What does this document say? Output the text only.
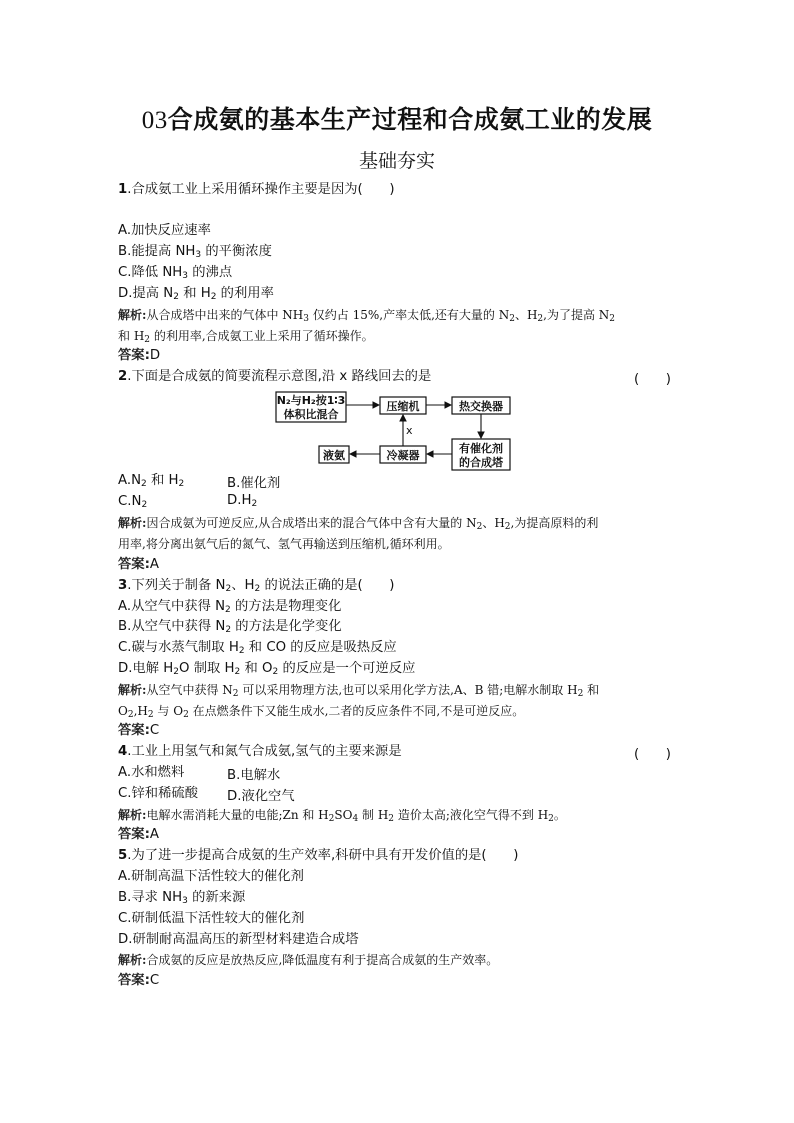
03合成氨的基本生产过程和合成氨工业的发展
基础夯实
1.合成氨工业上采用循环操作主要是因为(　　)
A.加快反应速率
B.能提高 $NH_3$ 的平衡浓度
C.降低 $NH_3$ 的沸点
D.提高 $N_2$ 和 $H_2$ 的利用率
解析:从合成塔中出来的气体中 $NH_3$ 仅约占 15%,产率太低,还有大量的 $N_2$、$H_2$,为了提高 $N_2$
和 $H_2$ 的利用率,合成氨工业上采用了循环操作。
答案:D
2.下面是合成氨的简要流程示意图,沿 x 路线回去的是	(　　)
N₂与H₂按1∶3
体积比混合
压缩机	热交换器
有催化剂
的合成塔
冷凝器
液氨
x
$A.N_2$ 和 $H_2$	B.催化剂
$C.N_2$	$D.H_2$
解析:因合成氨为可逆反应,从合成塔出来的混合气体中含有大量的 $N_2$、$H_2$,为提高原料的利
用率,将分离出氨气后的氮气、氢气再输送到压缩机,循环利用。
答案:A
3.下列关于制备 $N_2$、$H_2$ 的说法正确的是(　　)
A.从空气中获得 $N_2$ 的方法是物理变化
B.从空气中获得 $N_2$ 的方法是化学变化
C.碳与水蒸气制取 $H_2$ 和 CO 的反应是吸热反应
D.电解 $H_2O$ 制取 $H_2$ 和 $O_2$ 的反应是一个可逆反应
解析:从空气中获得 $N_2$ 可以采用物理方法,也可以采用化学方法,A、B 错;电解水制取 $H_2$ 和
$O_2,H_2$ 与 $O_2$ 在点燃条件下又能生成水,二者的反应条件不同,不是可逆反应。
答案:C
4.工业上用氢气和氮气合成氨,氢气的主要来源是	(　　)
A.水和燃料	B.电解水
C.锌和稀硫酸 D.液化空气
解析:电解水需消耗大量的电能;Zn 和 $H_2SO_4$ 制 $H_2$ 造价太高;液化空气得不到 $H_2$。
答案:A
5.为了进一步提高合成氨的生产效率,科研中具有开发价值的是(　　)
A.研制高温下活性较大的催化剂
B.寻求 $NH_3$ 的新来源
C.研制低温下活性较大的催化剂
D.研制耐高温高压的新型材料建造合成塔
解析:合成氨的反应是放热反应,降低温度有利于提高合成氨的生产效率。
答案:C
